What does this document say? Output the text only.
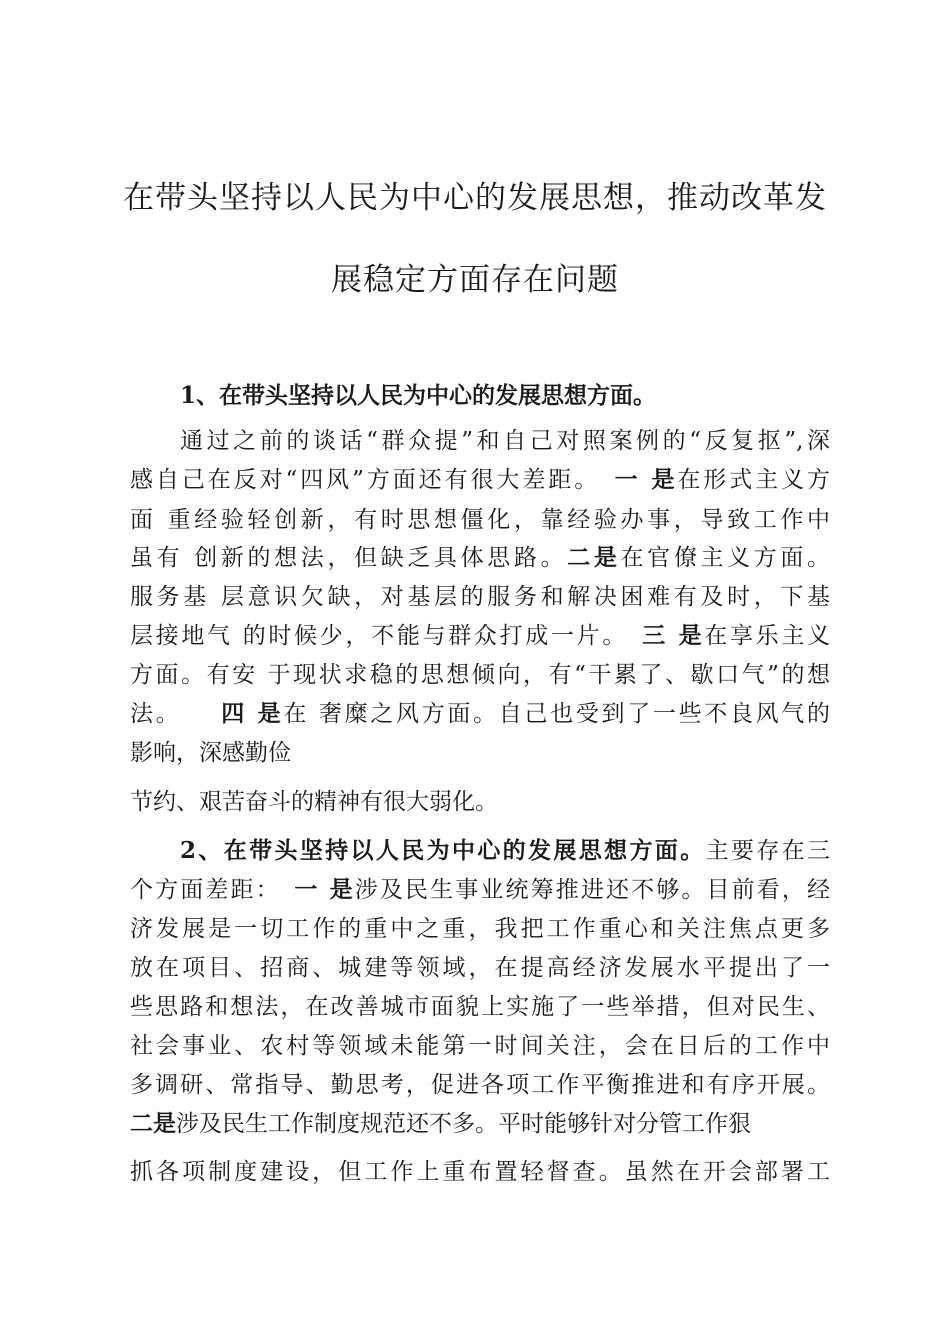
在带头坚持以人民为中心的发展思想，推动改革发
展稳定方面存在问题
1、在带头坚持以人民为中心的发展思想方面。
通过之前的谈话“群众提”和自己对照案例的“反复抠”,深
感自己在反对“四风”方面还有很大差距。　 一 是在形式主义方
面 重经验轻创新，有时思想僵化，靠经验办事，导致工作中
虽有 创新的想法，但缺乏具体思路。二是在官僚主义方面。
服务基 层意识欠缺，对基层的服务和解决困难有及时，下基
层接地气 的时候少，不能与群众打成一片。　 三 是在享乐主义
方面。有安 于现状求稳的思想倾向，有“干累了、歇口气”的想
法。　　 四 是在 奢糜之风方面。自己也受到了一些不良风气的
影响，深感勤俭
节约、艰苦奋斗的精神有很大弱化。
2、在带头坚持以人民为中心的发展思想方面。主要存在三
个方面差距：　 一 是涉及民生事业统筹推进还不够。目前看，经
济发展是一切工作的重中之重，我把工作重心和关注焦点更多
放在项目、招商、城建等领域，在提高经济发展水平提出了一
些思路和想法，在改善城市面貌上实施了一些举措，但对民生、
社会事业、农村等领域未能第一时间关注，会在日后的工作中
多调研、常指导、勤思考，促进各项工作平衡推进和有序开展。
二是涉及民生工作制度规范还不多。平时能够针对分管工作狠
抓各项制度建设，但工作上重布置轻督查。虽然在开会部署工
